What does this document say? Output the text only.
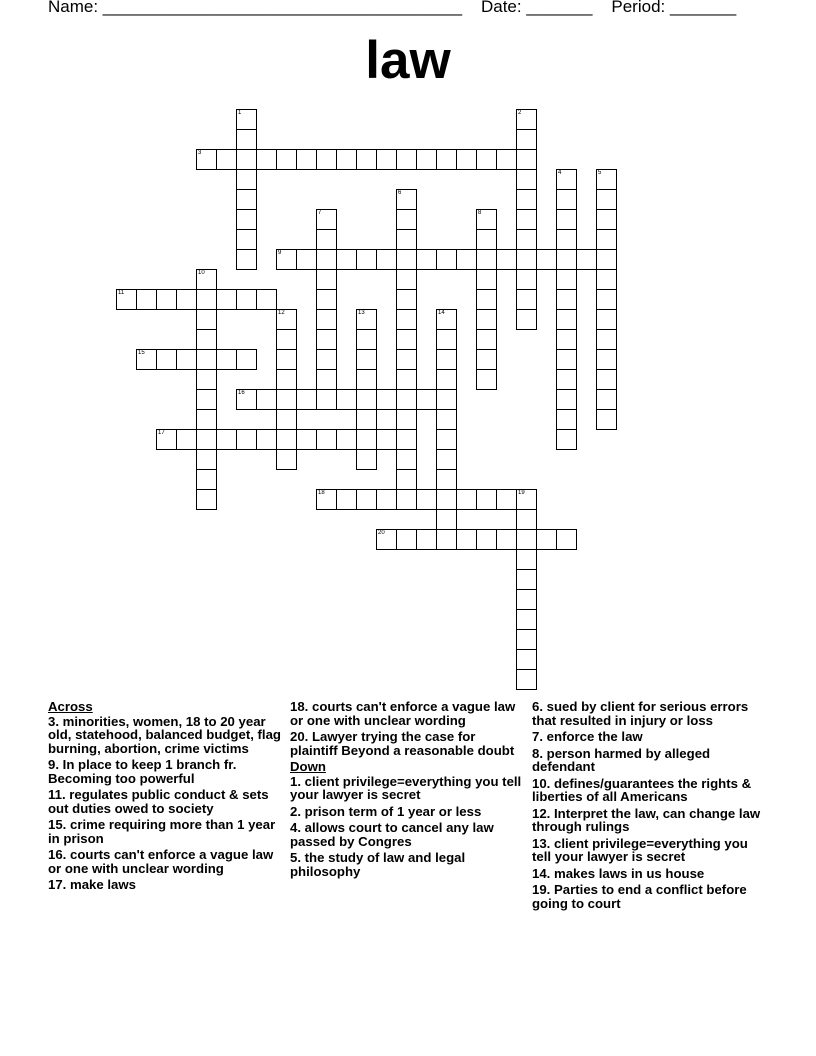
Name: ______________________________________    Date: _______    Period: _______
law
1	2
3
4	5
6
7	8
9
10
11
12	13	14
15
16
17
18	19
20
Across
3. minorities, women, 18 to 20 year old, statehood, balanced budget, flag burning, abortion, crime victims
9. In place to keep 1 branch fr. Becoming too powerful
11. regulates public conduct & sets out duties owed to society
15. crime requiring more than 1 year in prison
16. courts can't enforce a vague law or one with unclear wording
17. make laws
18. courts can't enforce a vague law or one with unclear wording
20. Lawyer trying the case for plaintiff Beyond a reasonable doubt
Down
1. client privilege=everything you tell your lawyer is secret
2. prison term of 1 year or less
4. allows court to cancel any law passed by Congres
5. the study of law and legal philosophy
6. sued by client for serious errors that resulted in injury or loss
7. enforce the law
8. person harmed by alleged defendant
10. defines/guarantees the rights & liberties of all Americans
12. Interpret the law, can change law through rulings
13. client privilege=everything you tell your lawyer is secret
14. makes laws in us house
19. Parties to end a conflict before going to court
